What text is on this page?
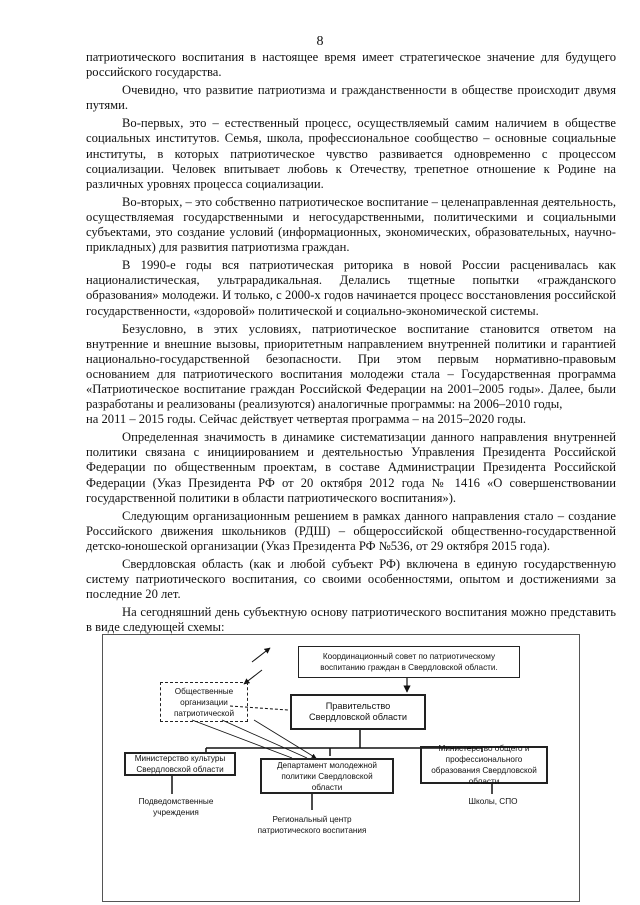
8

патриотического воспитания в настоящее время имеет стратегическое значение для будущего российского государства.

Очевидно, что развитие патриотизма и гражданственности в обществе происходит двумя путями.

Во-первых, это – естественный процесс, осуществляемый самим наличием в обществе социальных институтов. Семья, школа, профессиональное сообщество – основные социальные институты, в которых патриотическое чувство развивается одновременно с процессом социализации. Человек впитывает любовь к Отечеству, трепетное отношение к Родине на различных уровнях процесса социализации.

Во-вторых, – это собственно патриотическое воспитание – целенаправленная деятельность, осуществляемая государственными и негосударственными, политическими и социальными субъектами, это создание условий (информационных, экономических, образовательных, научно-прикладных) для развития патриотизма граждан.

В 1990-е годы вся патриотическая риторика в новой России расценивалась как националистическая, ультрарадикальная. Делались тщетные попытки «гражданского образования» молодежи. И только, с 2000-х годов начинается процесс восстановления российской государственности, «здоровой» политической и социально-экономической системы.

Безусловно, в этих условиях, патриотическое воспитание становится ответом на внутренние и внешние вызовы, приоритетным направлением внутренней политики и гарантией национально-государственной безопасности. При этом первым нормативно-правовым основанием для патриотического воспитания молодежи стала – Государственная программа «Патриотическое воспитание граждан Российской Федерации на 2001–2005 годы». Далее, были разработаны и реализованы (реализуются) аналогичные программы: на 2006–2010 годы,

на 2011 – 2015 годы. Сейчас действует четвертая программа – на 2015–2020 годы.

Определенная значимость в динамике систематизации данного направления внутренней политики связана с инициированием и деятельностью Управления Президента Российской Федерации по общественным проектам, в составе Администрации Президента Российской Федерации (Указ Президента РФ от 20 октября 2012 года № 1416 «О совершенствовании государственной политики в области патриотического воспитания»).

Следующим организационным решением в рамках данного направления стало – создание Российского движения школьников (РДШ) – общероссийской общественно-государственной детско-юношеской организации (Указ Президента РФ №536, от 29 октября 2015 года).

Свердловская область (как и любой субъект РФ) включена в единую государственную систему патриотического воспитания, со своими особенностями, опытом и достижениями за последние 20 лет.

На сегодняшний день субъектную основу патриотического воспитания можно представить в виде следующей схемы:

Координационный совет по патриотическому воспитанию граждан в Свердловской области.
Общественные организации патриотической
Правительство Свердловской области
Министерство культуры Свердловской области	Департамент молодежной политики Свердловской области
Министерство общего и профессионального образования Свердловской области
Подведомственные учреждения
Школы, СПО
Региональный центр патриотического воспитания
